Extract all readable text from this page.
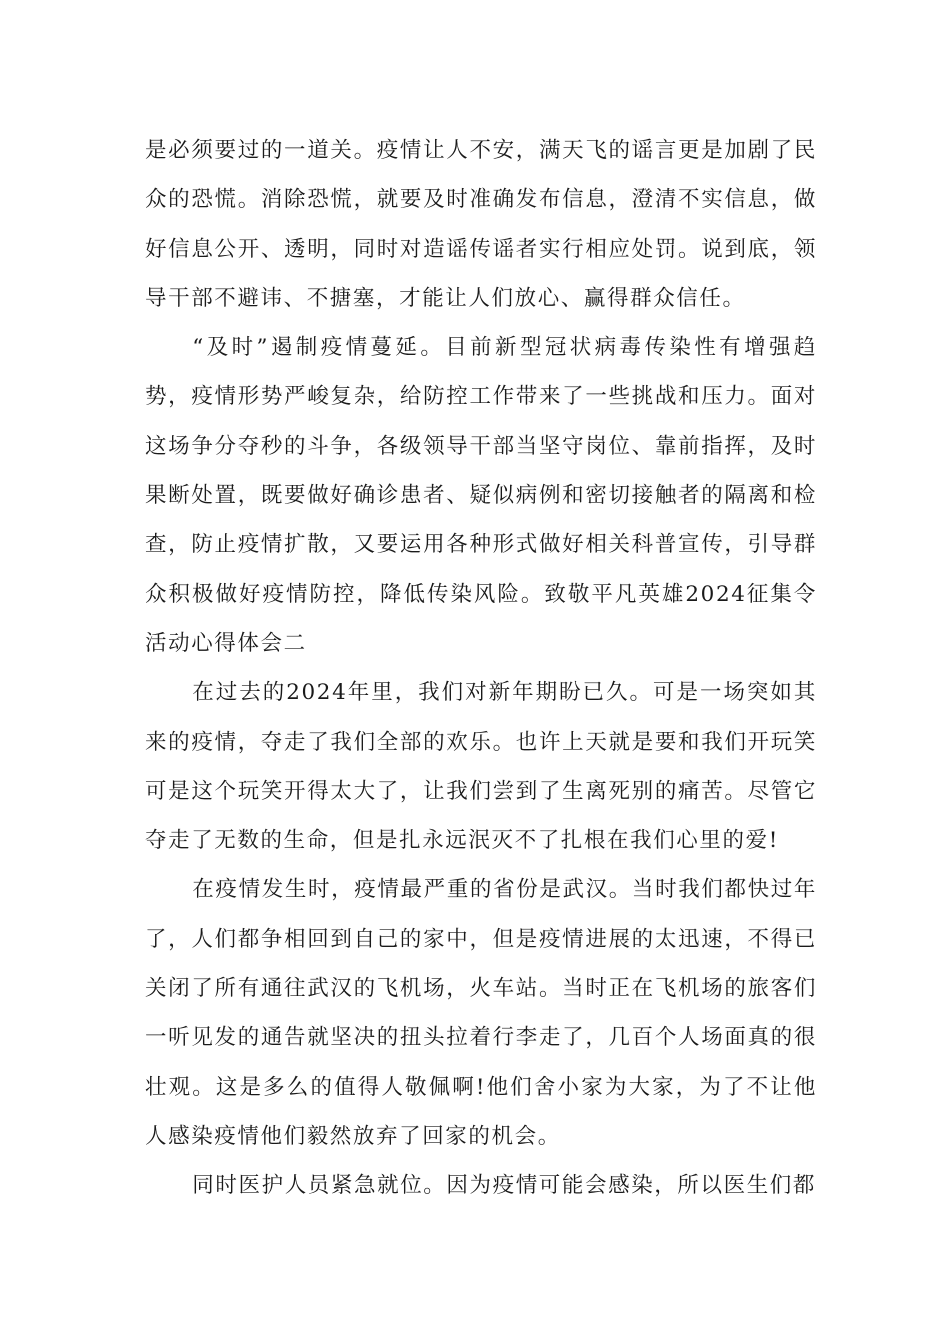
是必须要过的一道关。疫情让人不安，满天飞的谣言更是加剧了民众的恐慌。消除恐慌，就要及时准确发布信息，澄清不实信息，做好信息公开、透明，同时对造谣传谣者实行相应处罚。说到底，领导干部不避讳、不搪塞，才能让人们放心、赢得群众信任。

“及时”遏制疫情蔓延。目前新型冠状病毒传染性有增强趋势，疫情形势严峻复杂，给防控工作带来了一些挑战和压力。面对这场争分夺秒的斗争，各级领导干部当坚守岗位、靠前指挥，及时果断处置，既要做好确诊患者、疑似病例和密切接触者的隔离和检查，防止疫情扩散，又要运用各种形式做好相关科普宣传，引导群众积极做好疫情防控，降低传染风险。致敬平凡英雄2024征集令活动心得体会二

在过去的2024年里，我们对新年期盼已久。可是一场突如其来的疫情，夺走了我们全部的欢乐。也许上天就是要和我们开玩笑可是这个玩笑开得太大了，让我们尝到了生离死别的痛苦。尽管它夺走了无数的生命，但是扎永远泯灭不了扎根在我们心里的爱!

在疫情发生时，疫情最严重的省份是武汉。当时我们都快过年了，人们都争相回到自己的家中，但是疫情进展的太迅速，不得已关闭了所有通往武汉的飞机场，火车站。当时正在飞机场的旅客们一听见发的通告就坚决的扭头拉着行李走了，几百个人场面真的很壮观。这是多么的值得人敬佩啊!他们舍小家为大家，为了不让他人感染疫情他们毅然放弃了回家的机会。

同时医护人员紧急就位。因为疫情可能会感染，所以医生们都
